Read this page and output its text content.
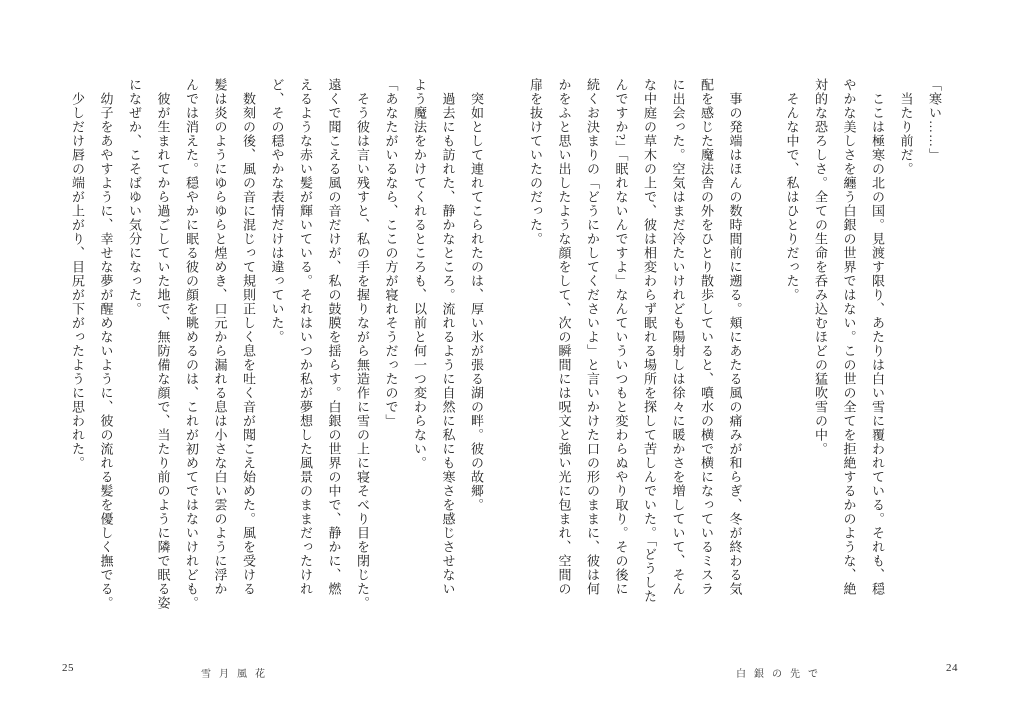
「寒い……」
当たり前だ。
ここは極寒の北の国。見渡す限り、あたりは白い雪に覆われている。それも、穏
やかな美しさを纏う白銀の世界ではない。この世の全てを拒絶するかのような、絶
対的な恐ろしさ。全ての生命を呑み込むほどの猛吹雪の中。
そんな中で、私はひとりだった。
事の発端はほんの数時間前に遡る。頬にあたる風の痛みが和らぎ、冬が終わる気
配を感じた魔法舎の外をひとり散歩していると、噴水の横で横になっているミスラ
に出会った。空気はまだ冷たいけれども陽射しは徐々に暖かさを増していて、そん
な中庭の草木の上で、彼は相変わらず眠れる場所を探して苦しんでいた。「どうした
んですか?」「眠れないんですよ」なんていういつもと変わらぬやり取り。その後に
続くお決まりの「どうにかしてくださいよ」と言いかけた口の形のままに、彼は何
かをふと思い出したような顔をして、次の瞬間には呪文と強い光に包まれ、空間の
扉を抜けていたのだった。
白銀の先で
24
突如として連れてこられたのは、厚い氷が張る湖の畔。彼の故郷。
過去にも訪れた、静かなところ。流れるように自然に私にも寒さを感じさせない
よう魔法をかけてくれるところも、以前と何一つ変わらない。
「あなたがいるなら、ここの方が寝れそうだったので」
そう彼は言い残すと、私の手を握りながら無造作に雪の上に寝そべり目を閉じた。
遠くで聞こえる風の音だけが、私の鼓膜を揺らす。白銀の世界の中で、静かに、燃
えるような赤い髪が輝いている。それはいつか私が夢想した風景のままだったけれ
ど、その穏やかな表情だけは違っていた。
数刻の後、風の音に混じって規則正しく息を吐く音が聞こえ始めた。風を受ける
髪は炎のようにゆらゆらと煌めき、口元から漏れる息は小さな白い雲のように浮か
んでは消えた。穏やかに眠る彼の顔を眺めるのは、これが初めてではないけれども。
彼が生まれてから過ごしていた地で、無防備な顔で、当たり前のように隣で眠る姿
になぜか、こそばゆい気分になった。
幼子をあやすように、幸せな夢が醒めないように、彼の流れる髪を優しく撫でる。
少しだけ唇の端が上がり、目尻が下がったように思われた。
雪月風花
25
